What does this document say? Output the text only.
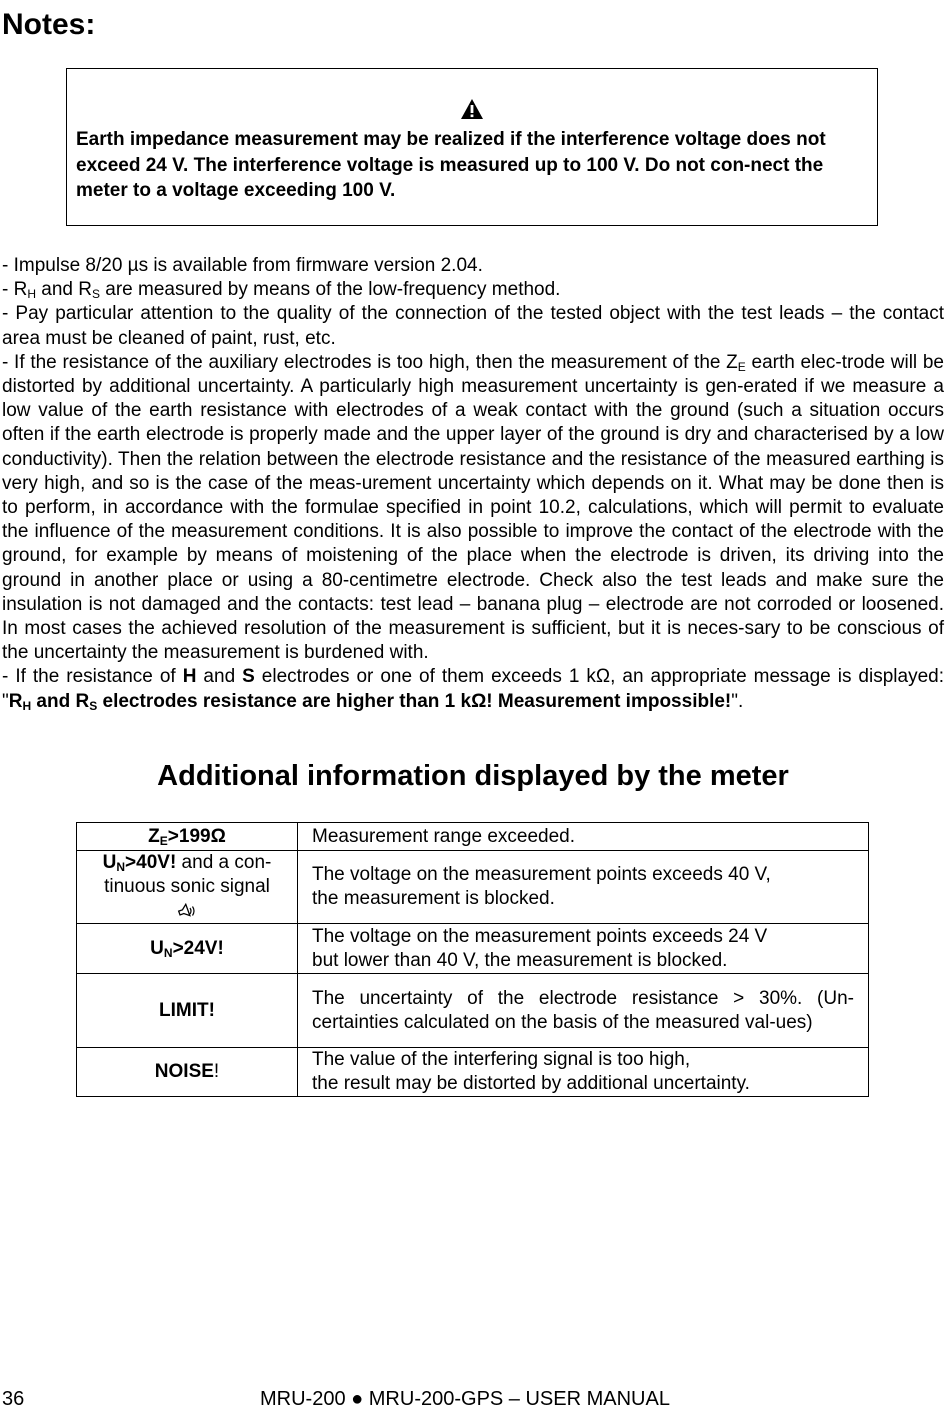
Notes:

Earth impedance measurement may be realized if the interference voltage does not exceed 24 V. The interference voltage is measured up to 100 V. Do not con-nect the meter to a voltage exceeding 100 V.

- Impulse 8/20 µs is available from firmware version 2.04.

- $R_H$ and $R_S$ are measured by means of the low-frequency method.

- Pay particular attention to the quality of the connection of the tested object with the test leads – the contact area must be cleaned of paint, rust, etc.

- If the resistance of the auxiliary electrodes is too high, then the measurement of the $Z_E$ earth elec-trode will be distorted by additional uncertainty. A particularly high measurement uncertainty is gen-erated if we measure a low value of the earth resistance with electrodes of a weak contact with the ground (such a situation occurs often if the earth electrode is properly made and the upper layer of the ground is dry and characterised by a low conductivity). Then the relation between the electrode resistance and the resistance of the measured earthing is very high, and so is the case of the meas-urement uncertainty which depends on it. What may be done then is to perform, in accordance with the formulae specified in point 10.2, calculations, which will permit to evaluate the influence of the measurement conditions. It is also possible to improve the contact of the electrode with the ground, for example by means of moistening of the place when the electrode is driven, its driving into the ground in another place or using a 80-centimetre electrode. Check also the test leads and make sure the insulation is not damaged and the contacts: test lead – banana plug – electrode are not corroded or loosened. In most cases the achieved resolution of the measurement is sufficient, but it is neces-sary to be conscious of the uncertainty the measurement is burdened with.

- If the resistance of H and S electrodes or one of them exceeds 1 kΩ, an appropriate message is displayed: "$R_H$ and $R_S$ electrodes resistance are higher than 1 kΩ! Measurement impossible!".

Additional information displayed by the meter
$Z_E>199\Omega$	Measurement range exceeded.
$U_N>40V$! and a con-tinuous sonic signal	The voltage on the measurement points exceeds 40 V,
the measurement is blocked.
$U_N>24V$!	The voltage on the measurement points exceeds 24 V
but lower than 40 V, the measurement is blocked.
LIMIT!	The uncertainty of the electrode resistance > 30%. (Un-certainties calculated on the basis of the measured val-ues)
NOISE!	The value of the interfering signal is too high,
the result may be distorted by additional uncertainty.
36	MRU-200 ● MRU-200-GPS – USER MANUAL
